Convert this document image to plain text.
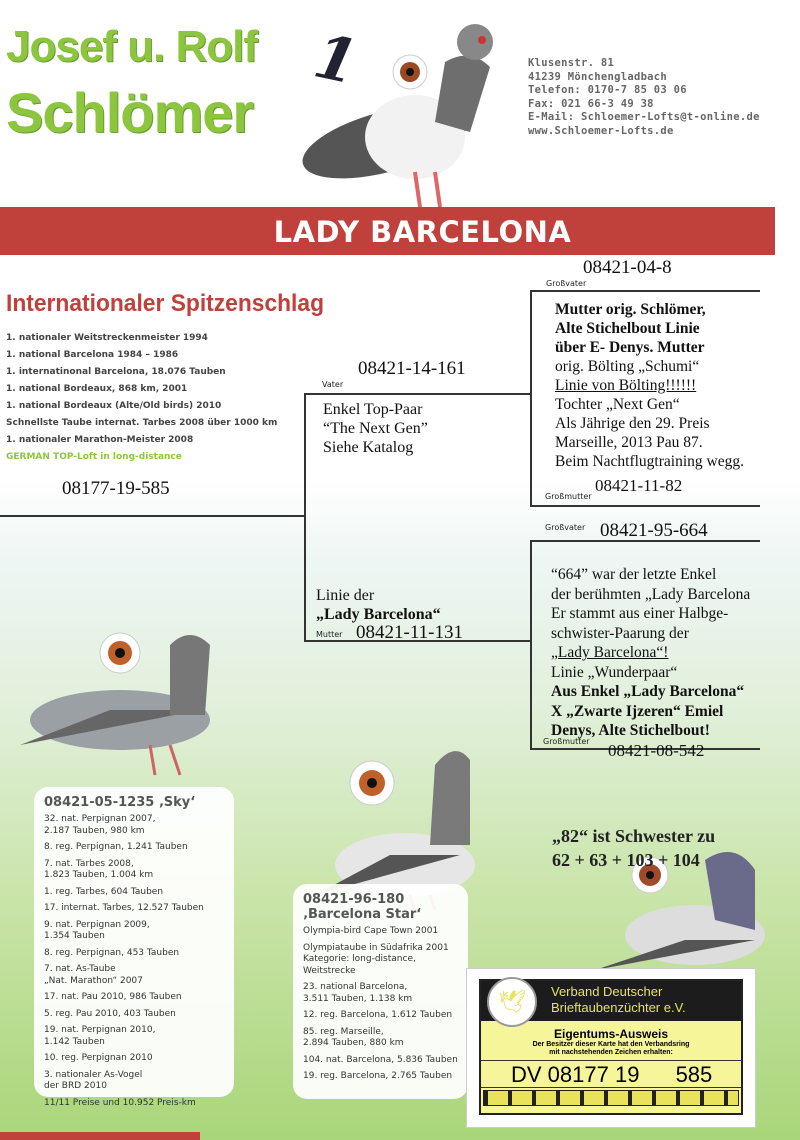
Josef u. Rolf
Schlömer
1	Klusenstr. 81
41239 Mönchengladbach
Telefon: 0170-7 85 03 06
Fax: 021 66-3 49 38
E-Mail: Schloemer-Lofts@t-online.de
www.Schloemer-Lofts.de
LADY BARCELONA
Internationaler Spitzenschlag
1. nationaler Weitstreckenmeister 1994
1. national Barcelona 1984 – 1986
1. internatinonal Barcelona, 18.076 Tauben
1. national Bordeaux, 868 km, 2001
1. national Bordeaux (Alte/Old birds) 2010
Schnellste Taube internat. Tarbes 2008 über 1000 km
1. nationaler Marathon-Meister 2008
GERMAN TOP-Loft in long-distance
08177-19-585
08421-14-161
Vater
Enkel Top-Paar
“The Next Gen”
Siehe Katalog
Linie der
„Lady Barcelona“
Mutter 08421-11-131
08421-04-8
Großvater
Mutter orig. Schlömer,
Alte Stichelbout Linie
über E- Denys. Mutter
orig. Bölting „Schumi“
Linie von Bölting!!!!!!
Tochter „Next Gen“
Als Jährige den 29. Preis
Marseille, 2013 Pau 87.
Beim Nachtflugtraining wegg.
08421-11-82
Großmutter
Großvater 08421-95-664
“664” war der letzte Enkel
der berühmten „Lady Barcelona
Er stammt aus einer Halbge-
schwister-Paarung der
„Lady Barcelona“!
Linie „Wunderpaar“
Aus Enkel „Lady Barcelona“
X „Zwarte Ijzeren“ Emiel
Denys, Alte Stichelbout!
Großmutter 08421-08-542
08421-05-1235 ‚Sky‘

32. nat. Perpignan 2007,
2.187 Tauben, 980 km

8. reg. Perpignan, 1.241 Tauben

7. nat. Tarbes 2008,
1.823 Tauben, 1.004 km

1. reg. Tarbes, 604 Tauben

17. internat. Tarbes, 12.527 Tauben

9. nat. Perpignan 2009,
1.354 Tauben

8. reg. Perpignan, 453 Tauben

7. nat. As-Taube
„Nat. Marathon“ 2007

17. nat. Pau 2010, 986 Tauben

5. reg. Pau 2010, 403 Tauben

19. nat. Perpignan 2010,
1.142 Tauben

10. reg. Perpignan 2010

3. nationaler As-Vogel
der BRD 2010

11/11 Preise und 10.952 Preis-km

08421-96-180
‚Barcelona Star‘

Olympia-bird Cape Town 2001

Olympiataube in Südafrika 2001
Kategorie: long-distance,
Weitstrecke

23. national Barcelona,
3.511 Tauben, 1.138 km

12. reg. Barcelona, 1.612 Tauben

85. reg. Marseille,
2.894 Tauben, 880 km

104. nat. Barcelona, 5.836 Tauben

19. reg. Barcelona, 2.765 Tauben

„82“ ist Schwester zu
62 + 63 + 103 + 104
🕊	Verband Deutscher
Brieftaubenzüchter e.V.
Eigentums-Ausweis
Der Besitzer dieser Karte hat den Verbandsring
mit nachstehenden Zeichen erhalten:
DV 08177 19 585
